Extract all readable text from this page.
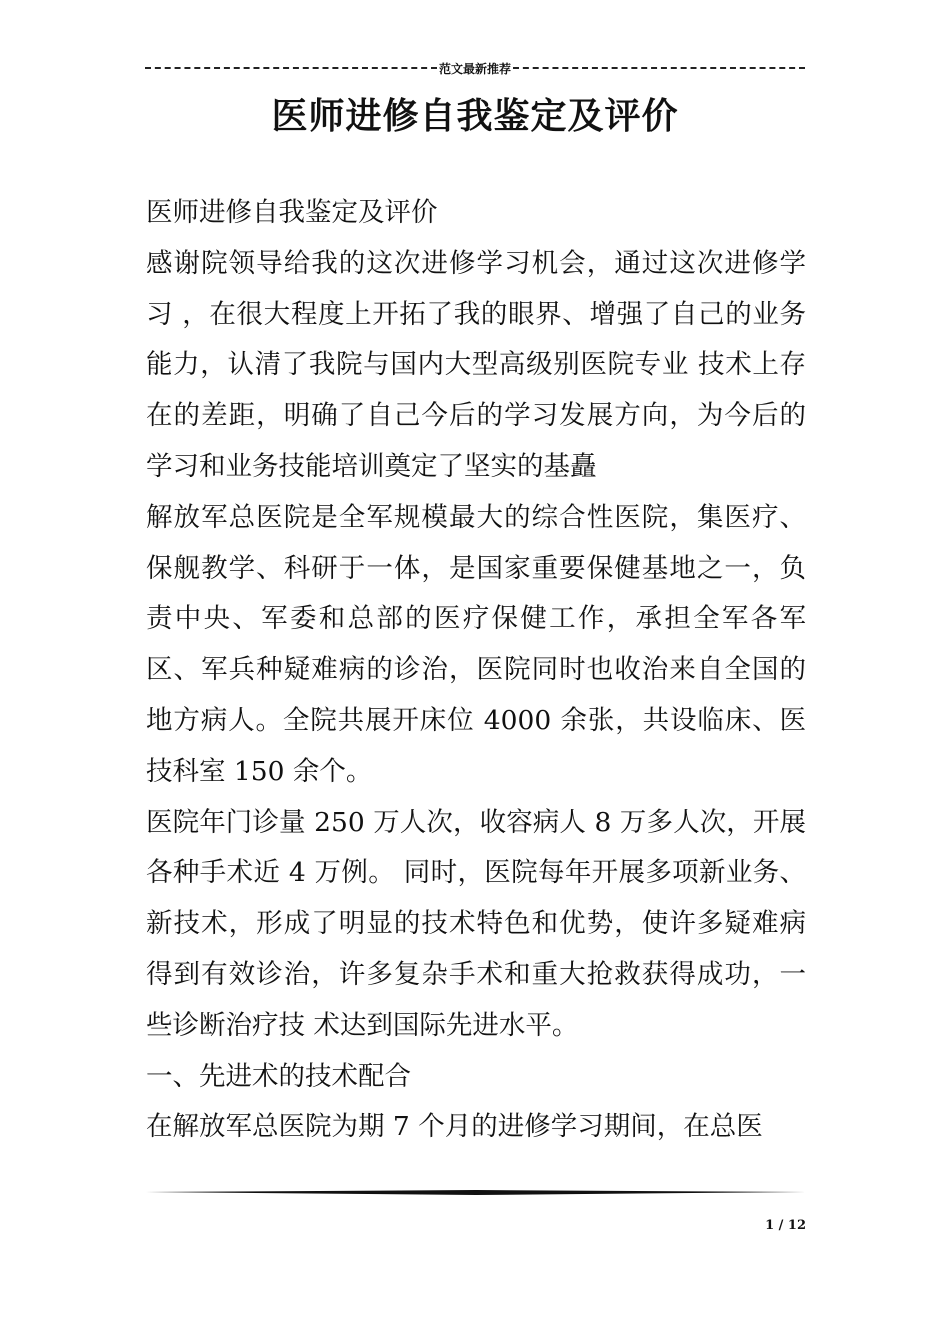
范文最新推荐
医师进修自我鉴定及评价

医师进修自我鉴定及评价

感谢院领导给我的这次进修学习机会，通过这次进修学习 ，在很大程度上开拓了我的眼界、增强了自己的业务能力，认清了我院与国内大型高级别医院专业 技术上存在的差距，明确了自己今后的学习发展方向，为今后的学习和业务技能培训奠定了坚实的基矗

解放军总医院是全军规模最大的综合性医院，集医疗、保舰教学、科研于一体，是国家重要保健基地之一，负责中央、军委和总部的医疗保健工作，承担全军各军区、军兵种疑难病的诊治，医院同时也收治来自全国的地方病人。全院共展开床位 4000 余张，共设临床、医技科室 150 余个。

医院年门诊量 250 万人次，收容病人 8 万多人次，开展各种手术近 4 万例。 同时，医院每年开展多项新业务、新技术，形成了明显的技术特色和优势，使许多疑难病得到有效诊治，许多复杂手术和重大抢救获得成功，一些诊断治疗技 术达到国际先进水平。

一、先进术的技术配合

在解放军总医院为期 7 个月的进修学习期间，在总医

1 / 12
